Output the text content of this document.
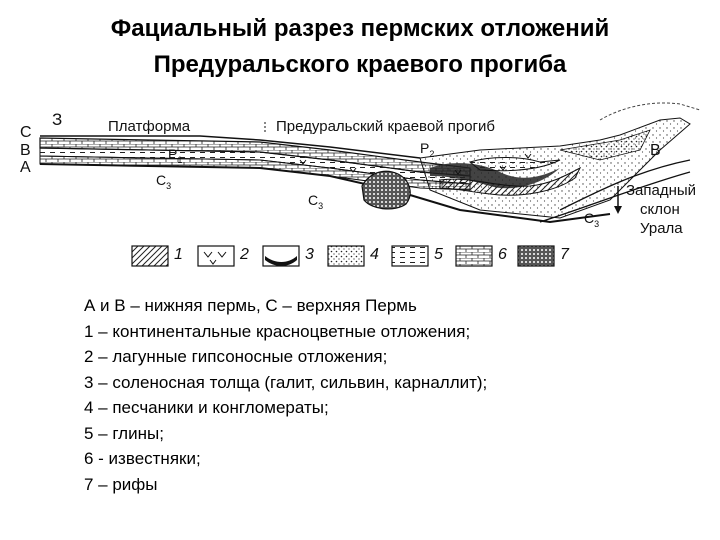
Фациальный разрез пермских отложений
Предуральского краевого прогиба
З	Платформа	Предуральский краевой прогиб
C
B
A
B
$P_1$
$P_2$
$C_3$
$C_3$
$C_3$
Западный
склон
Урала
1	2	3	4	5	6	7
А и В – нижняя пермь, С – верхняя Пермь
1 – континентальные красноцветные отложения;
2 – лагунные гипсоносные отложения;
3 – соленосная толща (галит, сильвин, карналлит);
4 – песчаники и конгломераты;
5 – глины;
6 - известняки;
7 – рифы
